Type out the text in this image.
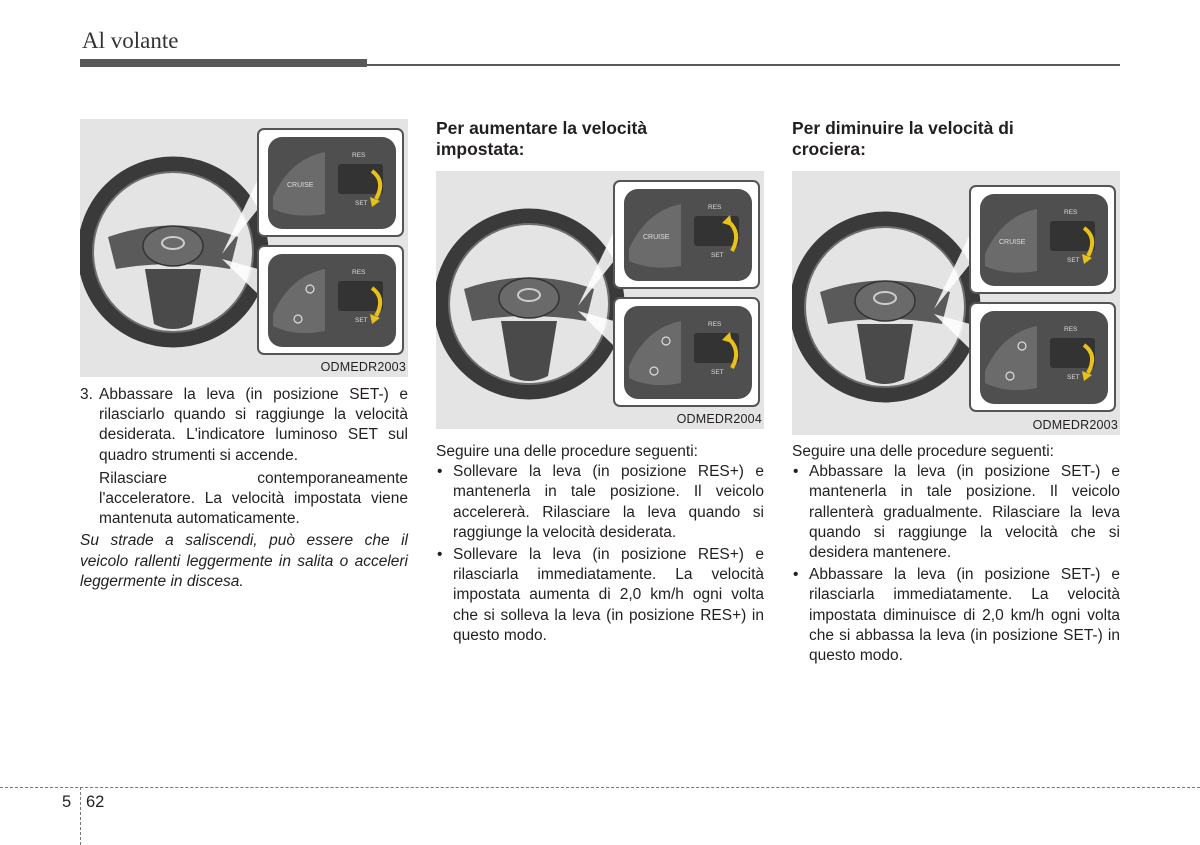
Al volante
CRUISE
RES
SET
RES
SET
ODMEDR2003
CRUISE
RES
SET
RES
SET
ODMEDR2004
CRUISE
RES
SET
RES
SET
ODMEDR2003
3. Abbassare la leva (in posizione SET-) e rilasciarlo quando si raggiunge la velocità desiderata. L'indicatore luminoso SET sul quadro strumenti si accende.
Rilasciare contemporaneamente l'acceleratore. La velocità impostata viene mantenuta automaticamente.
Su strade a saliscendi, può essere che il veicolo rallenti leggermente in salita o acceleri leggermente in discesa.
Per aumentare la velocità impostata:
Seguire una delle procedure seguenti:
• Sollevare la leva (in posizione RES+) e mantenerla in tale posizione. Il veicolo accelererà. Rilasciare la leva quando si raggiunge la velocità desiderata.
• Sollevare la leva (in posizione RES+) e rilasciarla immediatamente. La velocità impostata aumenta di 2,0 km/h ogni volta che si solleva la leva (in posizione RES+) in questo modo.
Per diminuire la velocità di crociera:
Seguire una delle procedure seguenti:
• Abbassare la leva (in posizione SET-) e mantenerla in tale posizione. Il veicolo rallenterà gradualmente. Rilasciare la leva quando si raggiunge la velocità che si desidera mantenere.
• Abbassare la leva (in posizione SET-) e rilasciarla immediatamente. La velocità impostata diminuisce di 2,0 km/h ogni volta che si abbassa la leva (in posizione SET-) in questo modo.
5 62
